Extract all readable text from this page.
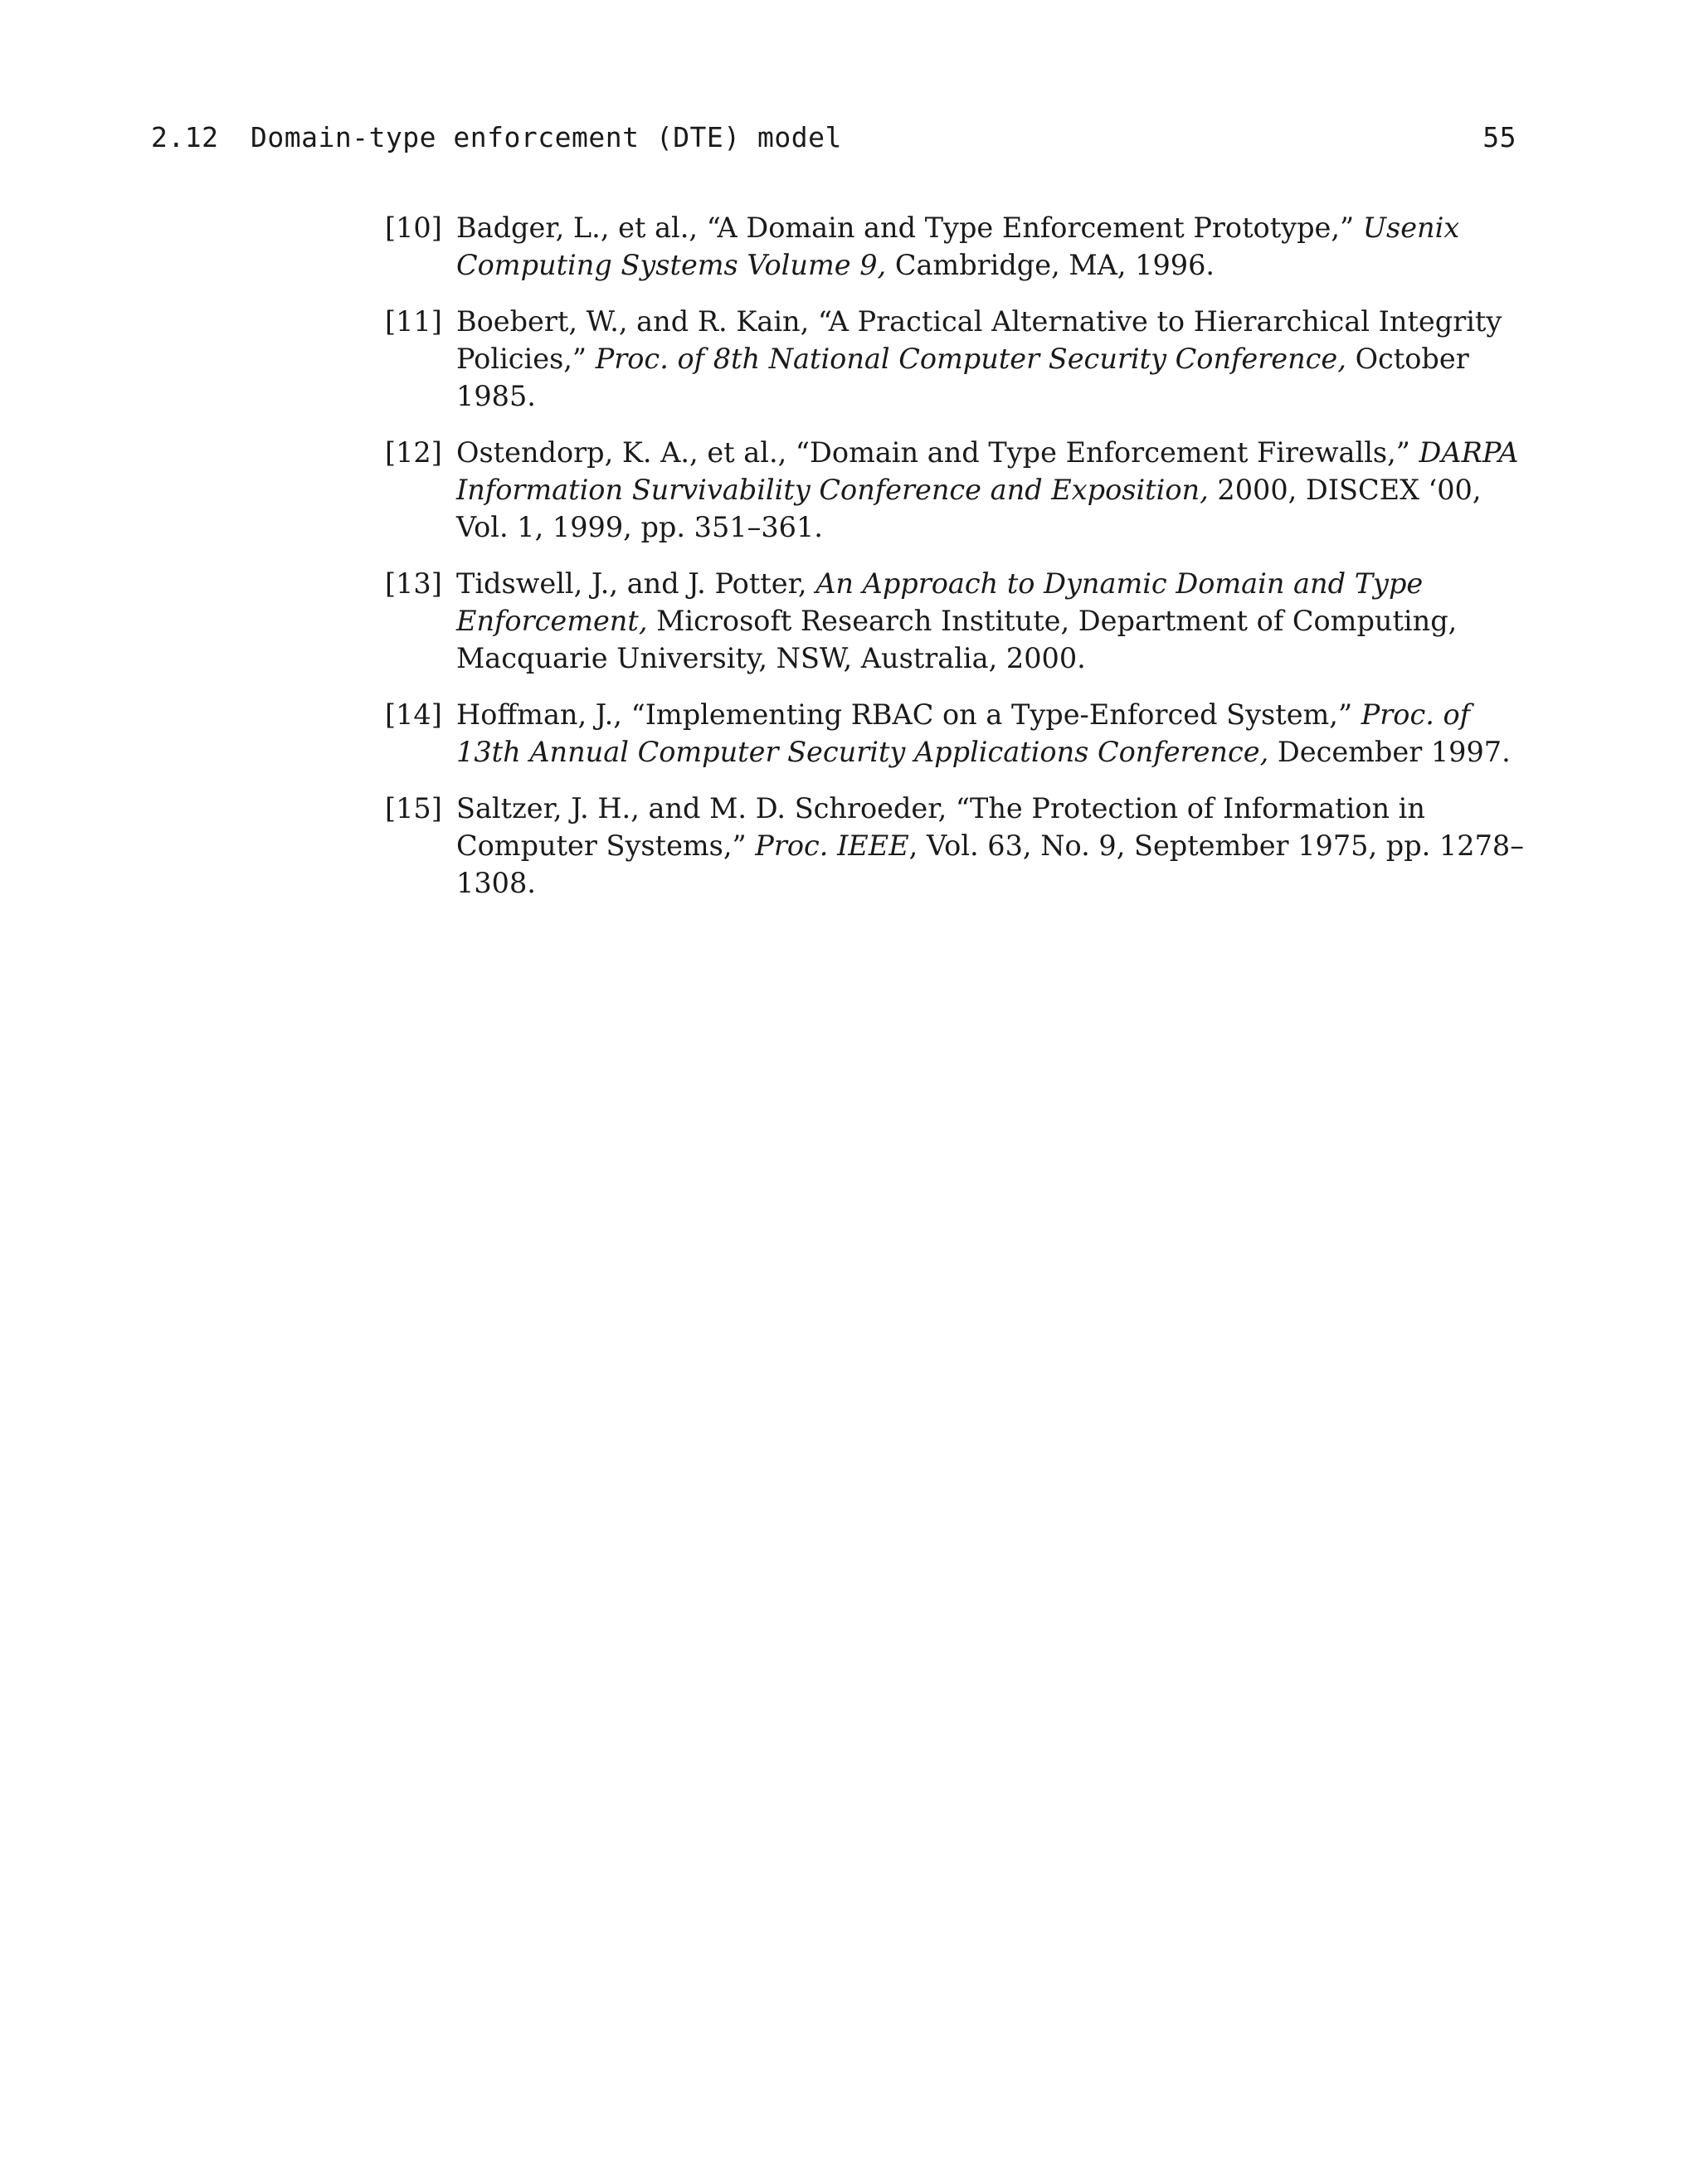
2.12 Domain-type enforcement (DTE) model	55
[10] Badger, L., et al., “A Domain and Type Enforcement Prototype,” Usenix Computing Systems Volume 9, Cambridge, MA, 1996.
[11] Boebert, W., and R. Kain, “A Practical Alternative to Hierarchical Integrity Policies,” Proc. of 8th National Computer Security Conference, October 1985.
[12] Ostendorp, K. A., et al., “Domain and Type Enforcement Firewalls,” DARPA Information Survivability Conference and Exposition, 2000, DISCEX ‘00, Vol. 1, 1999, pp. 351–361.
[13] Tidswell, J., and J. Potter, An Approach to Dynamic Domain and Type Enforcement, Microsoft Research Institute, Department of Computing, Macquarie University, NSW, Australia, 2000.
[14] Hoffman, J., “Implementing RBAC on a Type-Enforced System,” Proc. of 13th Annual Computer Security Applications Conference, December 1997.
[15] Saltzer, J. H., and M. D. Schroeder, “The Protection of Information in Computer Systems,” Proc. IEEE, Vol. 63, No. 9, September 1975, pp. 1278–1308.
